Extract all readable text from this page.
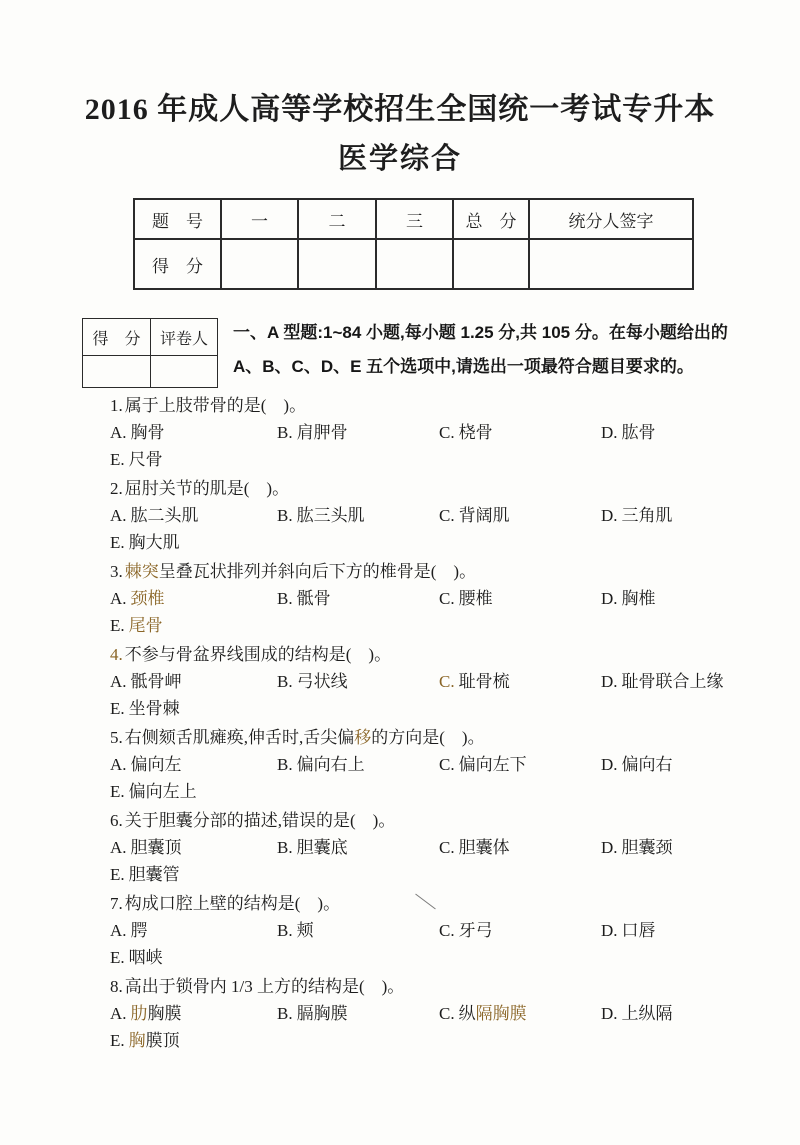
2016 年成人高等学校招生全国统一考试专升本
医学综合
题　号	一	二	三	总　分	统分人签字
得　分					
得　分	评卷人
	一、A 型题:1~84 小题,每小题 1.25 分,共 105 分。在每小题给出的
A、B、C、D、E 五个选项中,请选出一项最符合题目要求的。
1. 属于上肢带骨的是(    )。
A. 胸骨	B. 肩胛骨	C. 桡骨	D. 肱骨
E. 尺骨
2. 屈肘关节的肌是(    )。
A. 肱二头肌	B. 肱三头肌	C. 背阔肌	D. 三角肌
E. 胸大肌
3. 棘突呈叠瓦状排列并斜向后下方的椎骨是(    )。
A. 颈椎	B. 骶骨	C. 腰椎	D. 胸椎
E. 尾骨
4. 不参与骨盆界线围成的结构是(    )。
A. 骶骨岬	B. 弓状线	C. 耻骨梳	D. 耻骨联合上缘
E. 坐骨棘
5. 右侧颏舌肌瘫痪,伸舌时,舌尖偏移的方向是(    )。
A. 偏向左	B. 偏向右上	C. 偏向左下	D. 偏向右
E. 偏向左上
6. 关于胆囊分部的描述,错误的是(    )。
A. 胆囊顶	B. 胆囊底	C. 胆囊体	D. 胆囊颈
E. 胆囊管
7. 构成口腔上壁的结构是(    )。
A. 腭	B. 颊	C. 牙弓	D. 口唇
E. 咽峡
8. 高出于锁骨内 1/3 上方的结构是(    )。
A. 肋胸膜	B. 膈胸膜	C. 纵隔胸膜	D. 上纵隔
E. 胸膜顶
